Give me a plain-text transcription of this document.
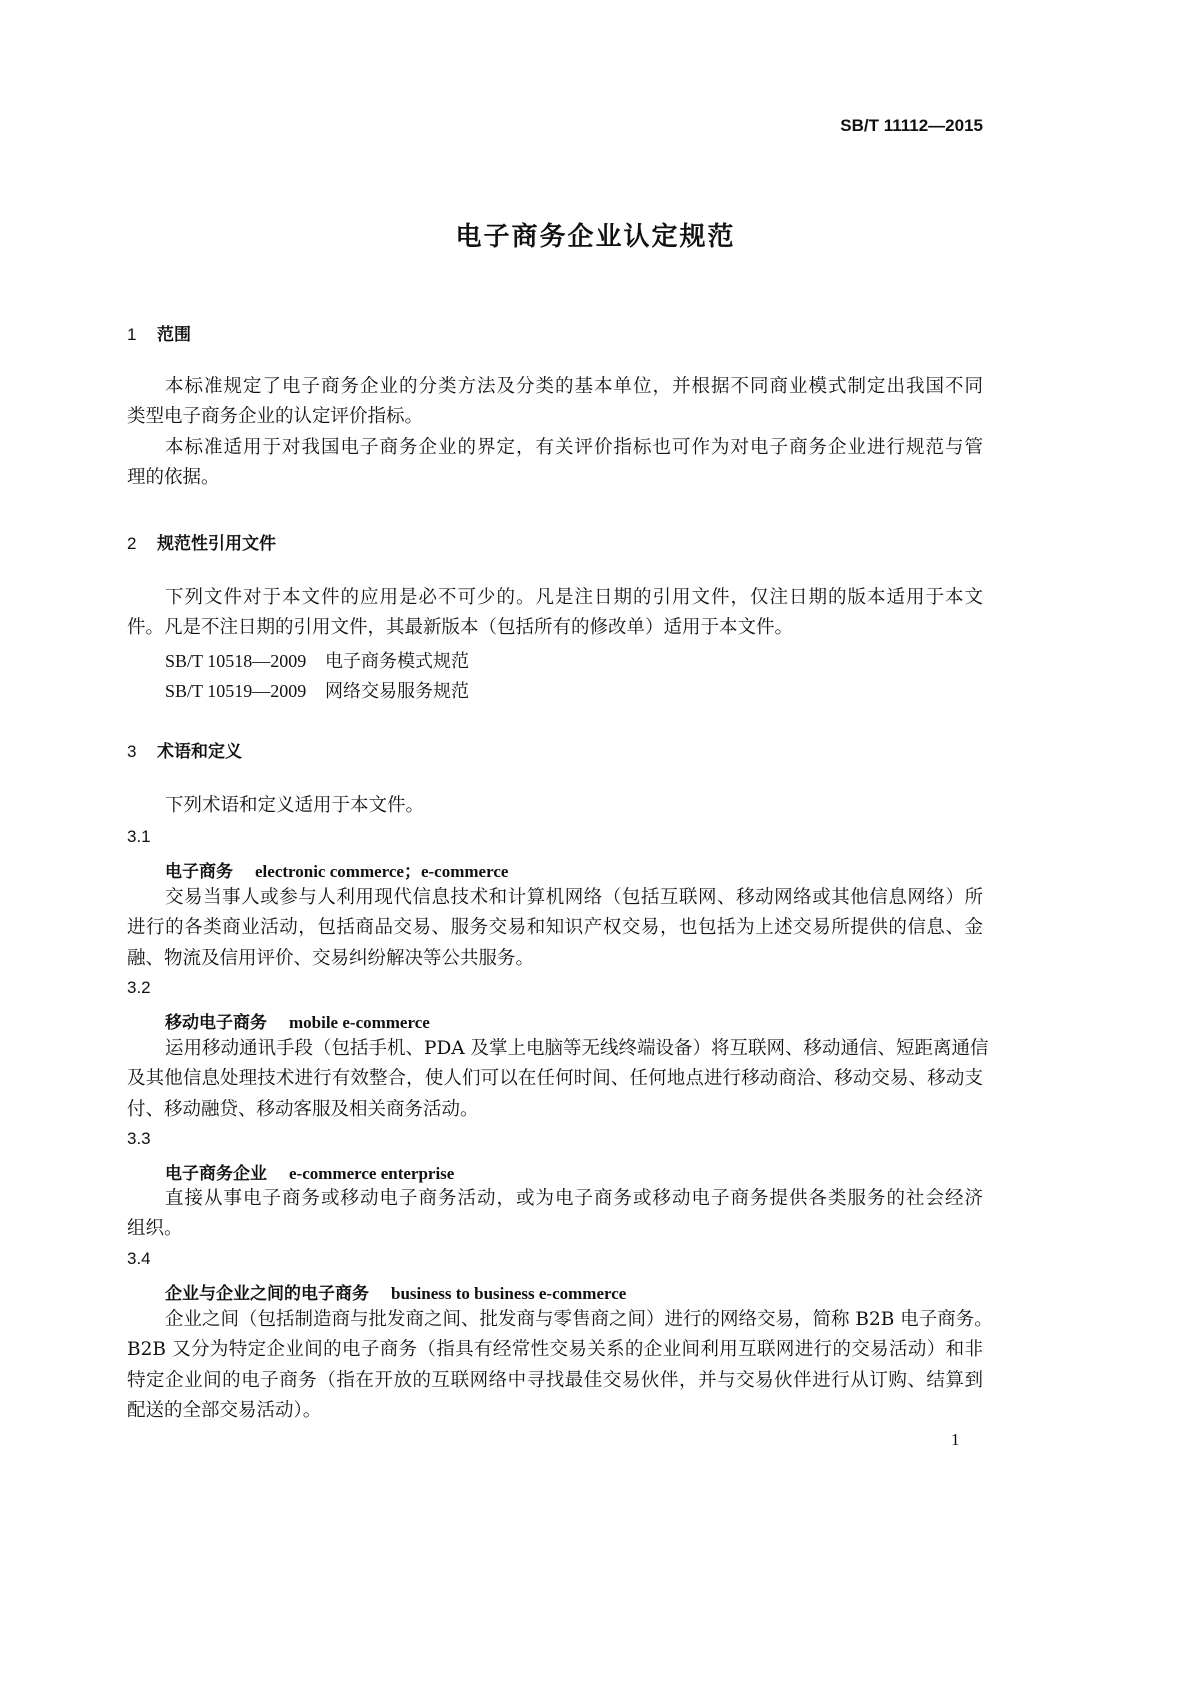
SB/T 11112—2015
电子商务企业认定规范
1 范围
本标准规定了电子商务企业的分类方法及分类的基本单位，并根据不同商业模式制定出我国不同
类型电子商务企业的认定评价指标。
本标准适用于对我国电子商务企业的界定，有关评价指标也可作为对电子商务企业进行规范与管
理的依据。
2 规范性引用文件
下列文件对于本文件的应用是必不可少的。凡是注日期的引用文件，仅注日期的版本适用于本文
件。凡是不注日期的引用文件，其最新版本（包括所有的修改单）适用于本文件。
SB/T 10518—2009 电子商务模式规范
SB/T 10519—2009 网络交易服务规范
3 术语和定义
下列术语和定义适用于本文件。
3.1
电子商务 electronic commerce；e-commerce
交易当事人或参与人利用现代信息技术和计算机网络（包括互联网、移动网络或其他信息网络）所
进行的各类商业活动，包括商品交易、服务交易和知识产权交易，也包括为上述交易所提供的信息、金
融、物流及信用评价、交易纠纷解决等公共服务。
3.2
移动电子商务 mobile e-commerce
运用移动通讯手段（包括手机、PDA 及掌上电脑等无线终端设备）将互联网、移动通信、短距离通信
及其他信息处理技术进行有效整合，使人们可以在任何时间、任何地点进行移动商洽、移动交易、移动支
付、移动融贷、移动客服及相关商务活动。
3.3
电子商务企业 e-commerce enterprise
直接从事电子商务或移动电子商务活动，或为电子商务或移动电子商务提供各类服务的社会经济
组织。
3.4
企业与企业之间的电子商务 business to business e-commerce
企业之间（包括制造商与批发商之间、批发商与零售商之间）进行的网络交易，简称 B2B 电子商务。
B2B 又分为特定企业间的电子商务（指具有经常性交易关系的企业间利用互联网进行的交易活动）和非
特定企业间的电子商务（指在开放的互联网络中寻找最佳交易伙伴，并与交易伙伴进行从订购、结算到
配送的全部交易活动）。
1
